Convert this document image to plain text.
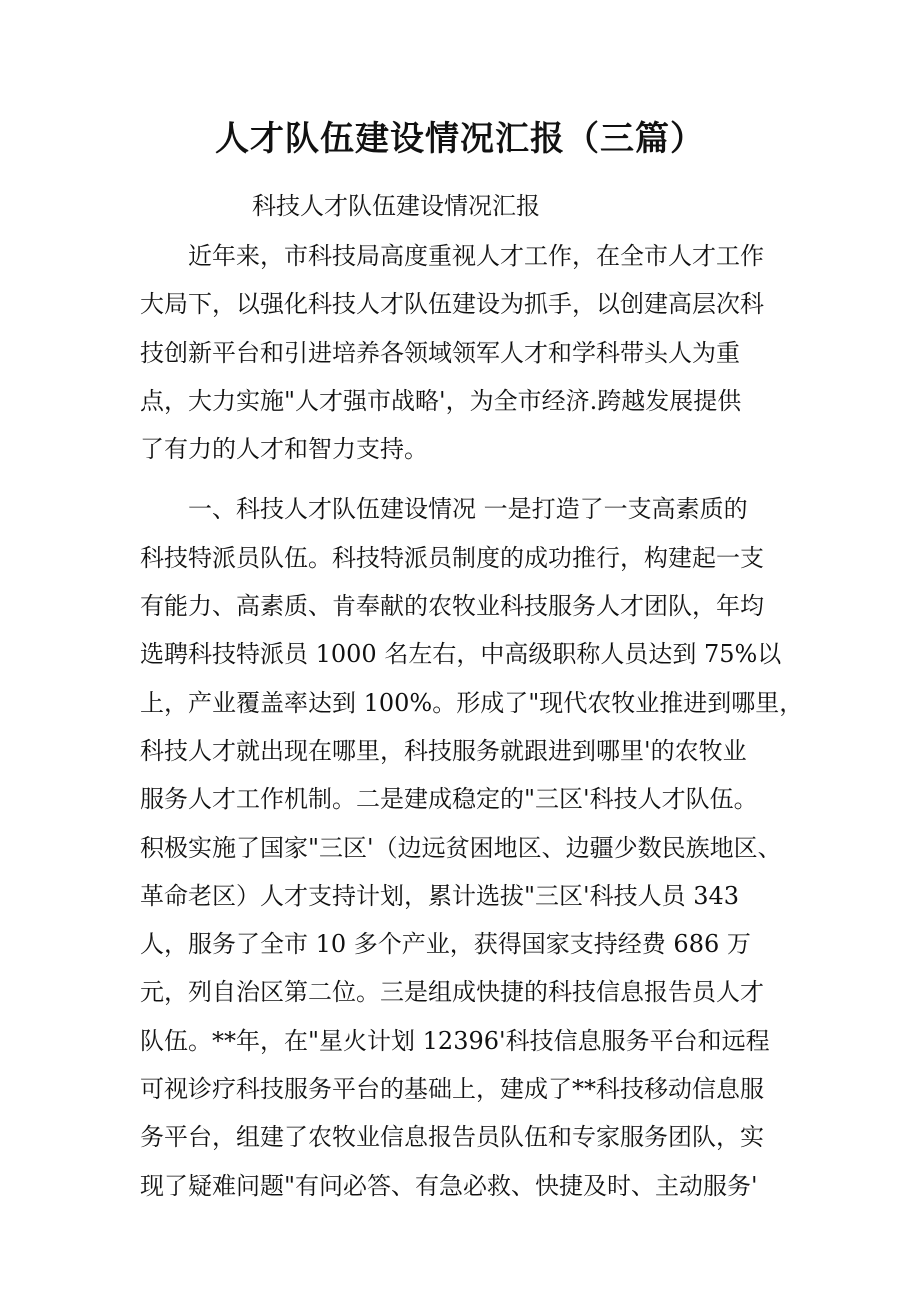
人才队伍建设情况汇报（三篇）
科技人才队伍建设情况汇报
　　近年来，市科技局高度重视人才工作，在全市人才工作
大局下，以强化科技人才队伍建设为抓手，以创建高层次科
技创新平台和引进培养各领域领军人才和学科带头人为重
点，大力实施"人才强市战略'，为全市经济.跨越发展提供
了有力的人才和智力支持。
　　一、科技人才队伍建设情况 一是打造了一支高素质的
科技特派员队伍。科技特派员制度的成功推行，构建起一支
有能力、高素质、肯奉献的农牧业科技服务人才团队，年均
选聘科技特派员 1000 名左右，中高级职称人员达到 75%以
上，产业覆盖率达到 100%。形成了"现代农牧业推进到哪里，
科技人才就出现在哪里，科技服务就跟进到哪里'的农牧业
服务人才工作机制。二是建成稳定的"三区'科技人才队伍。
积极实施了国家"三区'（边远贫困地区、边疆少数民族地区、
革命老区）人才支持计划，累计选拔"三区'科技人员 343
人，服务了全市 10 多个产业，获得国家支持经费 686 万
元，列自治区第二位。三是组成快捷的科技信息报告员人才
队伍。**年，在"星火计划 12396'科技信息服务平台和远程
可视诊疗科技服务平台的基础上，建成了**科技移动信息服
务平台，组建了农牧业信息报告员队伍和专家服务团队，实
现了疑难问题"有问必答、有急必救、快捷及时、主动服务'
